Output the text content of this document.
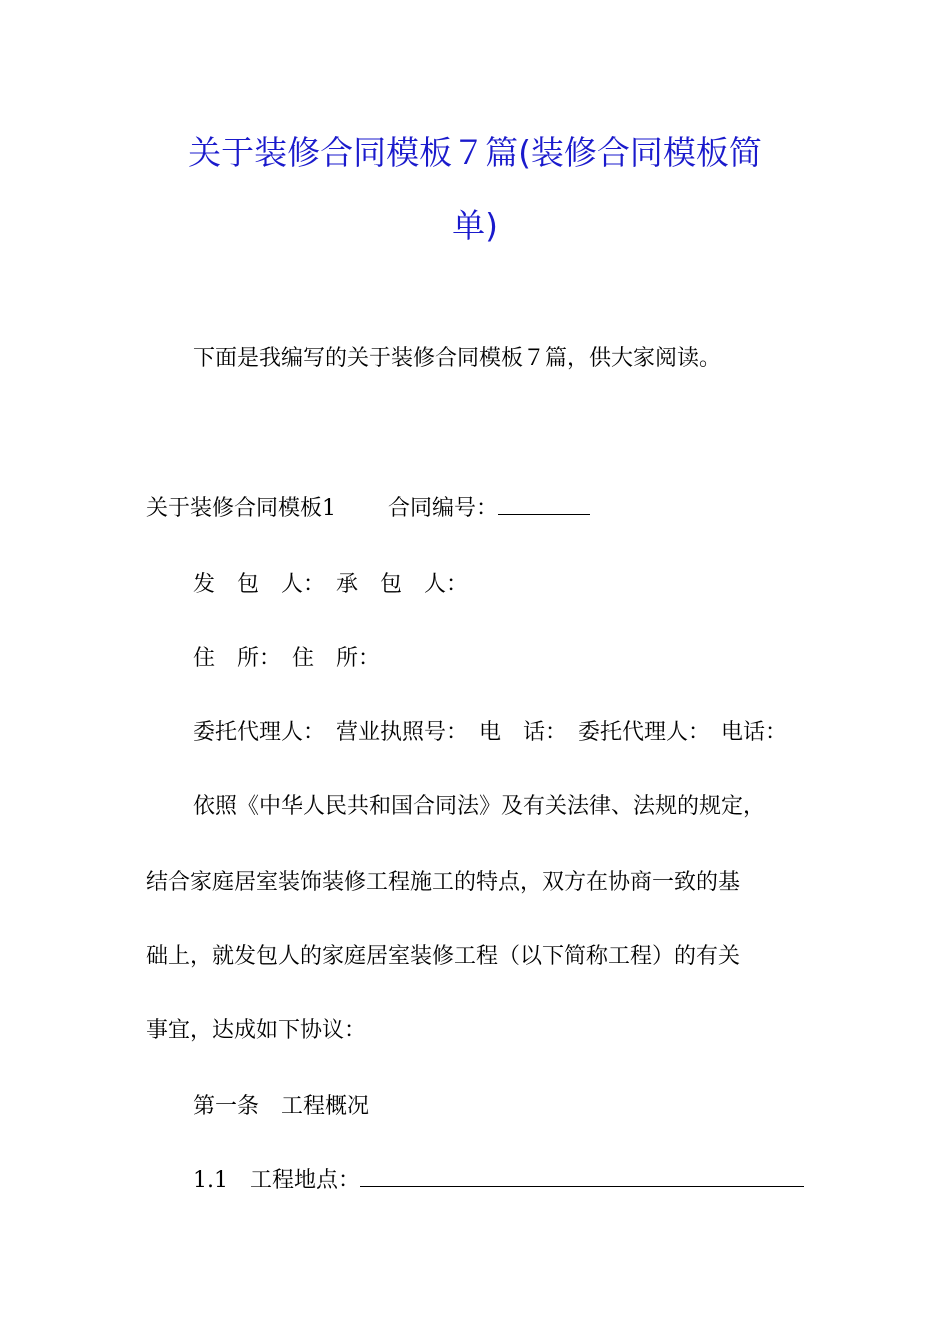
关于装修合同模板７篇(装修合同模板简
单)
下面是我编写的关于装修合同模板７篇，供大家阅读。
关于装修合同模板1 合同编号：
发　包　人：　承　包　人：
住　所：　住　所：
委托代理人：　营业执照号：　电　话：　委托代理人：　电话：
依照《中华人民共和国合同法》及有关法律、法规的规定，
结合家庭居室装饰装修工程施工的特点，双方在协商一致的基
础上，就发包人的家庭居室装修工程（以下简称工程）的有关
事宜，达成如下协议：
第一条　工程概况
1.1　工程地点：
